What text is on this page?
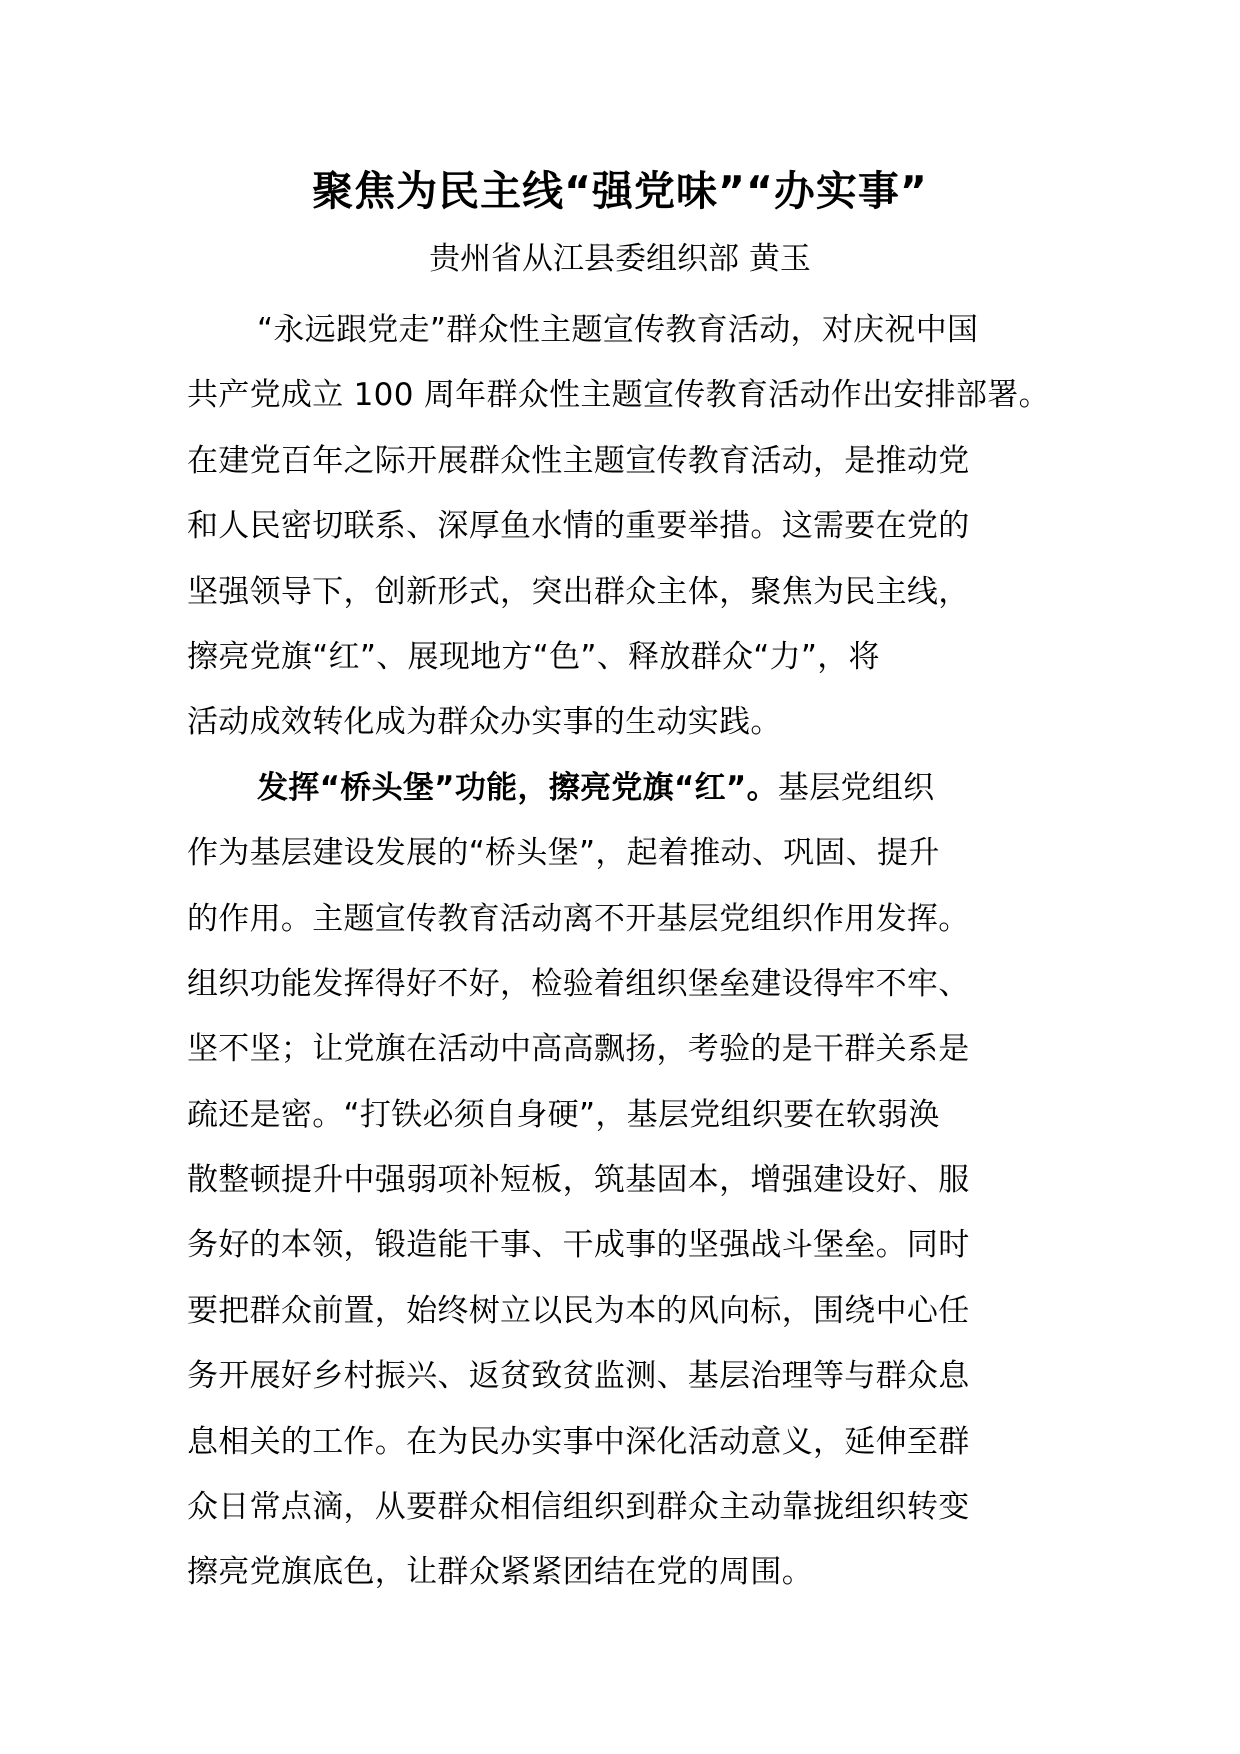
聚焦为民主线“强党味”“办实事”
贵州省从江县委组织部 黄玉
“永远跟党走”群众性主题宣传教育活动，对庆祝中国
共产党成立 100 周年群众性主题宣传教育活动作出安排部署。
在建党百年之际开展群众性主题宣传教育活动，是推动党
和人民密切联系、深厚鱼水情的重要举措。这需要在党的
坚强领导下，创新形式，突出群众主体，聚焦为民主线，
擦亮党旗“红”、展现地方“色”、释放群众“力”，将
活动成效转化成为群众办实事的生动实践。
发挥“桥头堡”功能，擦亮党旗“红”。基层党组织
作为基层建设发展的“桥头堡”，起着推动、巩固、提升
的作用。主题宣传教育活动离不开基层党组织作用发挥。
组织功能发挥得好不好，检验着组织堡垒建设得牢不牢、
坚不坚；让党旗在活动中高高飘扬，考验的是干群关系是
疏还是密。“打铁必须自身硬”，基层党组织要在软弱涣
散整顿提升中强弱项补短板，筑基固本，增强建设好、服
务好的本领，锻造能干事、干成事的坚强战斗堡垒。同时
要把群众前置，始终树立以民为本的风向标，围绕中心任
务开展好乡村振兴、返贫致贫监测、基层治理等与群众息
息相关的工作。在为民办实事中深化活动意义，延伸至群
众日常点滴，从要群众相信组织到群众主动靠拢组织转变
擦亮党旗底色，让群众紧紧团结在党的周围。
